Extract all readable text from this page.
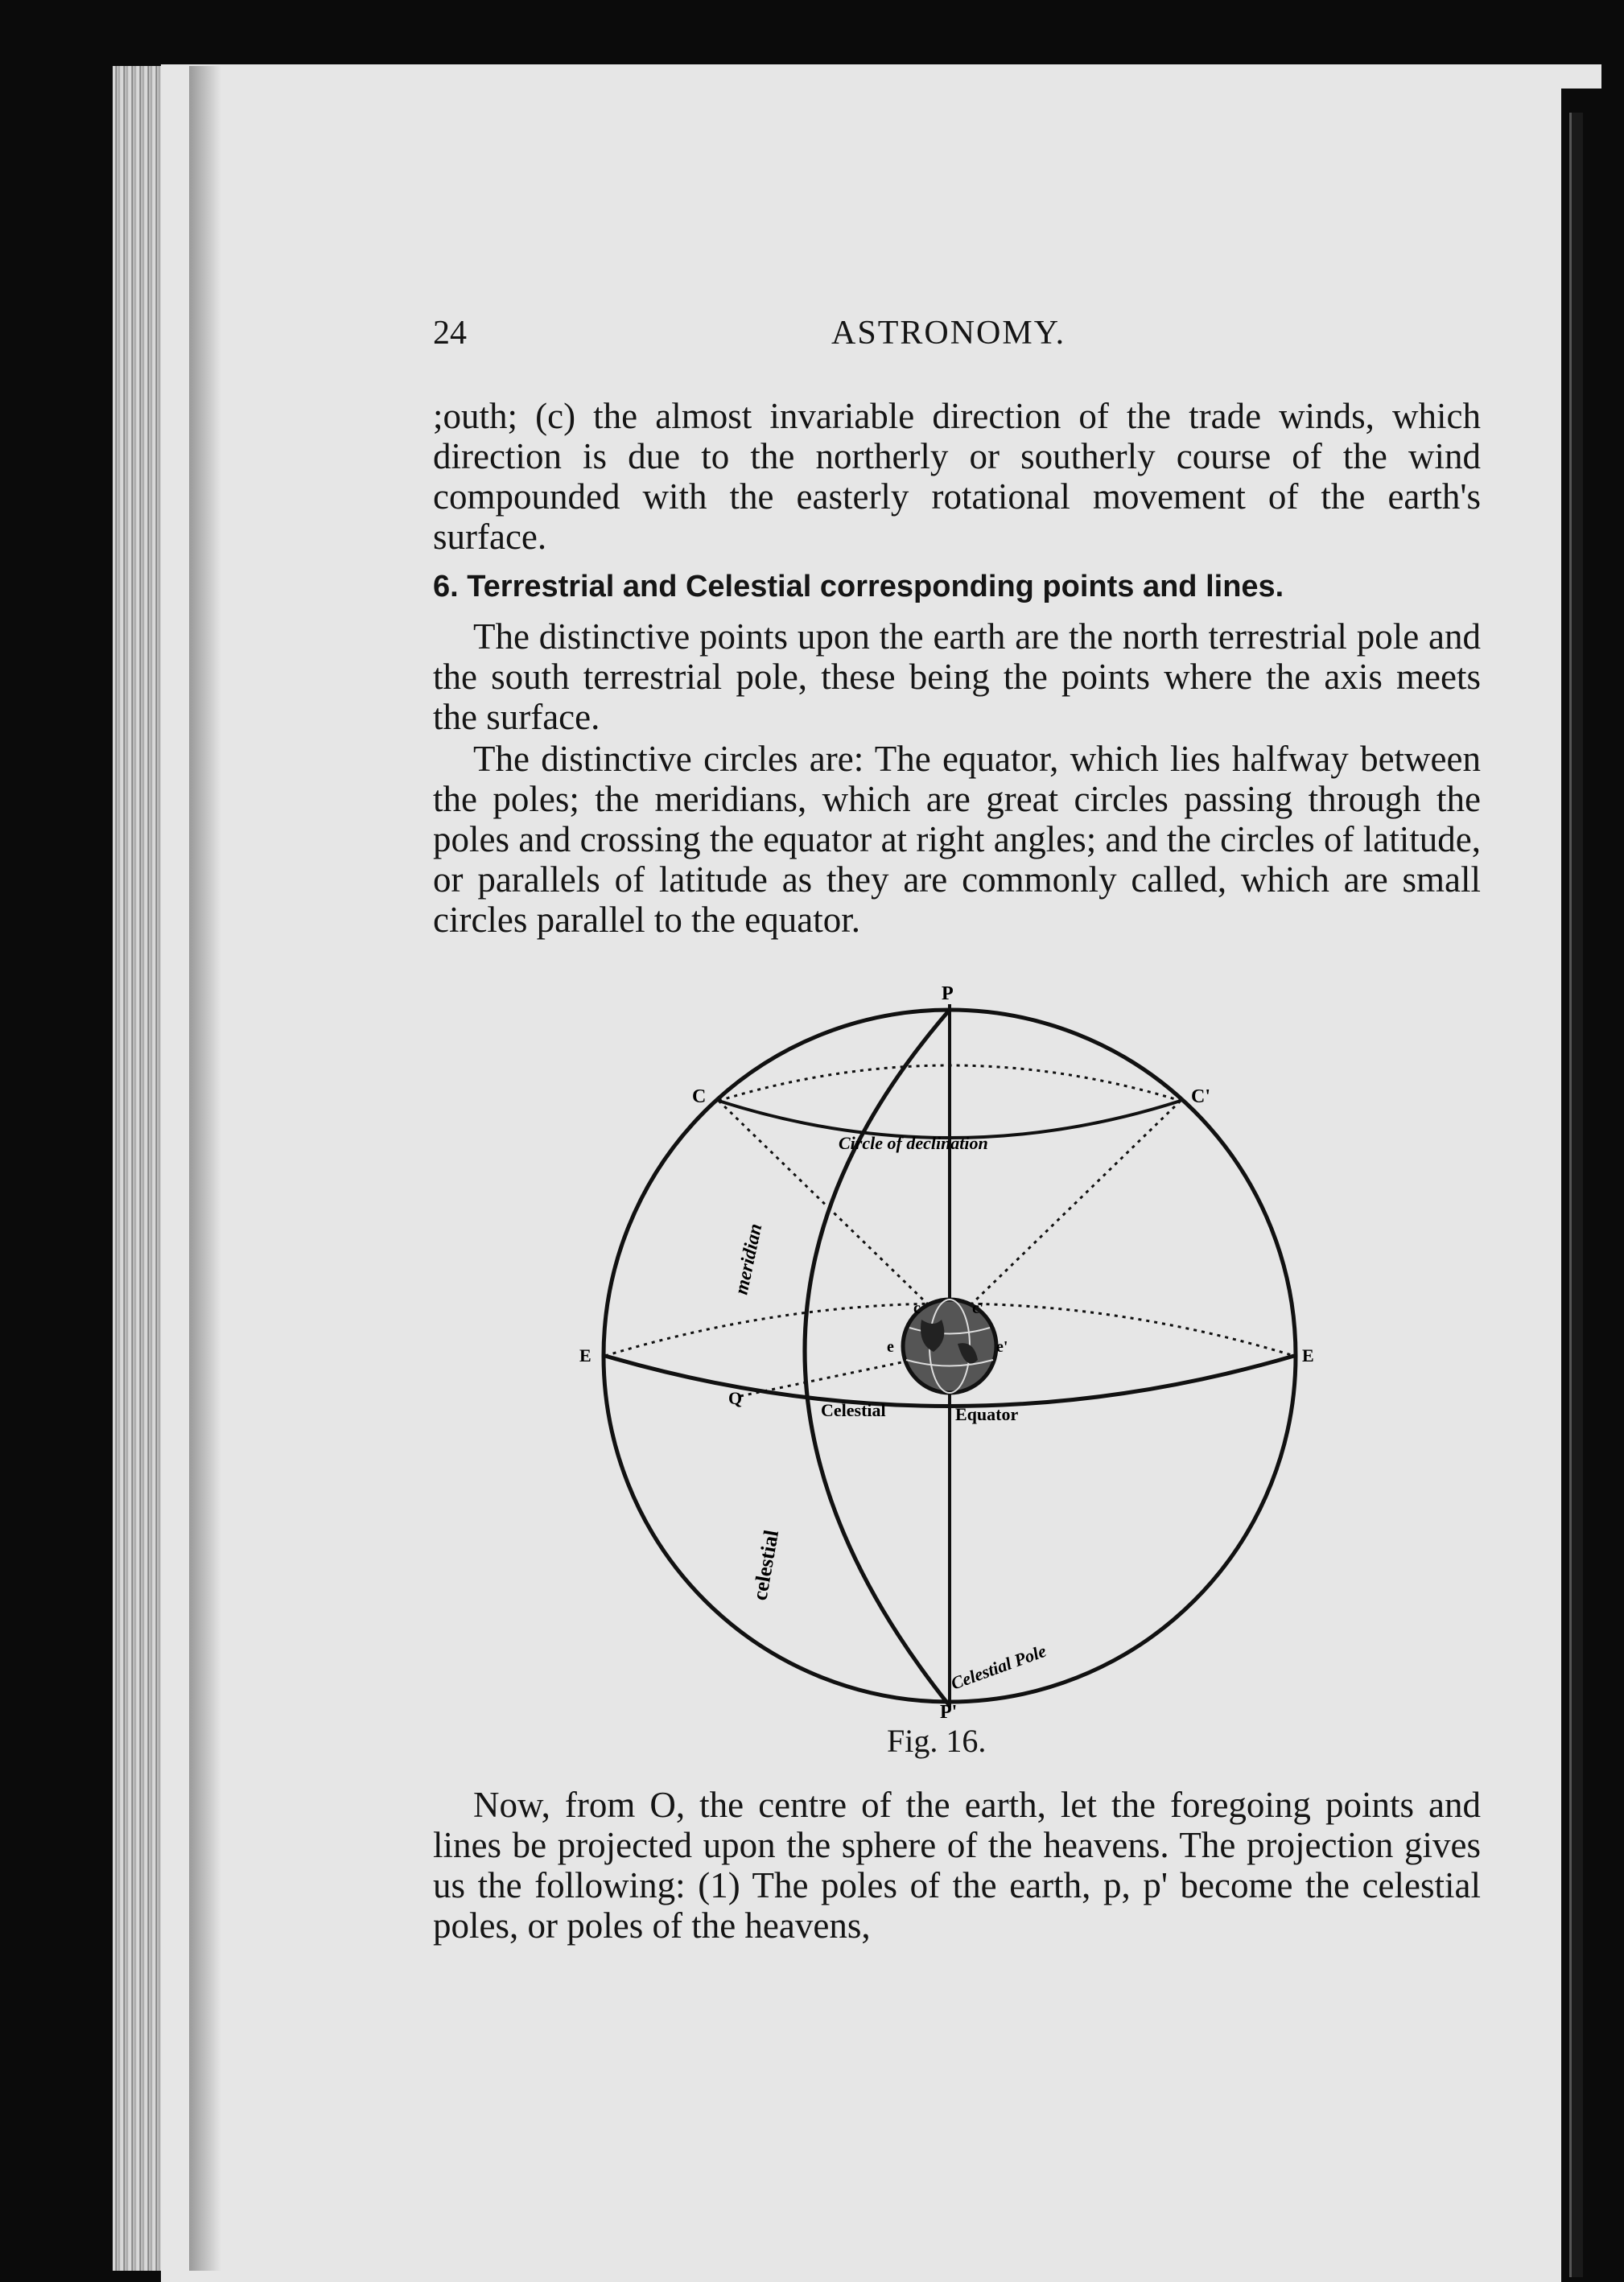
24	ASTRONOMY.

;outh; (c) the almost invariable direction of the trade winds, which direction is due to the northerly or southerly course of the wind compounded with the easterly rotational movement of the earth's surface.

6. Terrestrial and Celestial corresponding points and lines.

The distinctive points upon the earth are the north terrestrial pole and the south terrestrial pole, these being the points where the axis meets the surface.

The distinctive circles are: The equator, which lies halfway between the poles; the meridians, which are great circles passing through the poles and crossing the equator at right angles; and the circles of latitude, or parallels of latitude as they are commonly called, which are small circles parallel to the equator.

P
P'
C	C'
E	E
Q
c	c'
e	e'
Circle of declination
Celestial	Equator
meridian
celestial
Celestial Pole
Fig. 16.

Now, from O, the centre of the earth, let the foregoing points and lines be projected upon the sphere of the heavens. The projection gives us the following: (1) The poles of the earth, p, p' become the celestial poles, or poles of the heavens,
